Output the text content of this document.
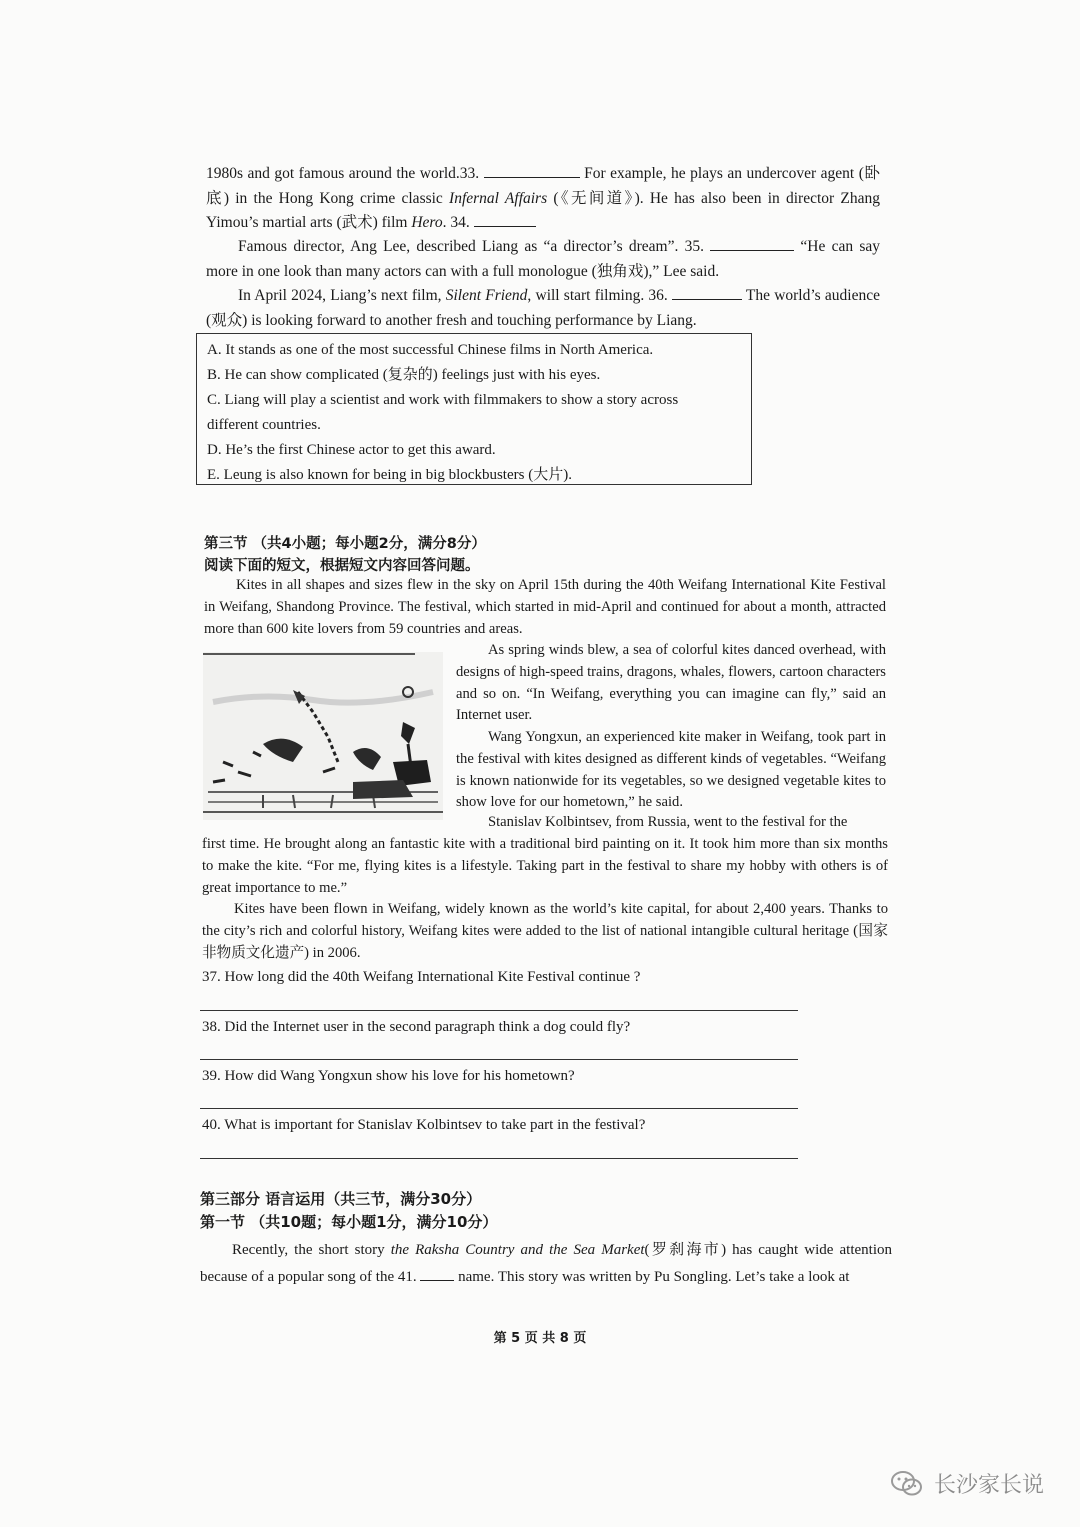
1980s and got famous around the world.33.	For example, he plays an undercover agent (卧底) in the Hong Kong crime classic Infernal Affairs (《无间道》). He has also been in director Zhang Yimou’s martial arts (武术) film Hero. 34.
Famous director, Ang Lee, described Liang as “a director’s dream”. 35.	“He can say more in one look than many actors can with a full monologue (独角戏),” Lee said.
In April 2024, Liang’s next film, Silent Friend, will start filming. 36.	The world’s audience (观众) is looking forward to another fresh and touching performance by Liang.
A. It stands as one of the most successful Chinese films in North America.
B. He can show complicated (复杂的) feelings just with his eyes.
C. Liang will play a scientist and work with filmmakers to show a story across
different countries.
D. He’s the first Chinese actor to get this award.
E. Leung is also known for being in big blockbusters (大片).
第三节 （共4小题；每小题2分，满分8分）
阅读下面的短文，根据短文内容回答问题。
Kites in all shapes and sizes flew in the sky on April 15th during the 40th Weifang International Kite Festival in Weifang, Shandong Province. The festival, which started in mid-April and continued for about a month, attracted more than 600 kite lovers from 59 countries and areas.
As spring winds blew, a sea of colorful kites danced overhead, with designs of high-speed trains, dragons, whales, flowers, cartoon characters and so on. “In Weifang, everything you can imagine can fly,” said an Internet user.
Wang Yongxun, an experienced kite maker in Weifang, took part in the festival with kites designed as different kinds of vegetables. “Weifang is known nationwide for its vegetables, so we designed vegetable kites to show love for our hometown,” he said.
Stanislav Kolbintsev, from Russia, went to the festival for the
first time. He brought along an fantastic kite with a traditional bird painting on it. It took him more than six months to make the kite. “For me, flying kites is a lifestyle. Taking part in the festival to share my hobby with others is of great importance to me.”
Kites have been flown in Weifang, widely known as the world’s kite capital, for about 2,400 years. Thanks to the city’s rich and colorful history, Weifang kites were added to the list of national intangible cultural heritage (国家非物质文化遗产) in 2006.
37. How long did the 40th Weifang International Kite Festival continue ?
38. Did the Internet user in the second paragraph think a dog could fly?
39. How did Wang Yongxun show his love for his hometown?
40. What is important for Stanislav Kolbintsev to take part in the festival?
第三部分 语言运用（共三节，满分30分）
第一节 （共10题；每小题1分，满分10分）
Recently, the short story the Raksha Country and the Sea Market(罗刹海市) has caught wide attention because of a popular song of the 41.  name. This story was written by Pu Songling. Let’s take a look at
第 5 页 共 8 页
长沙家长说
